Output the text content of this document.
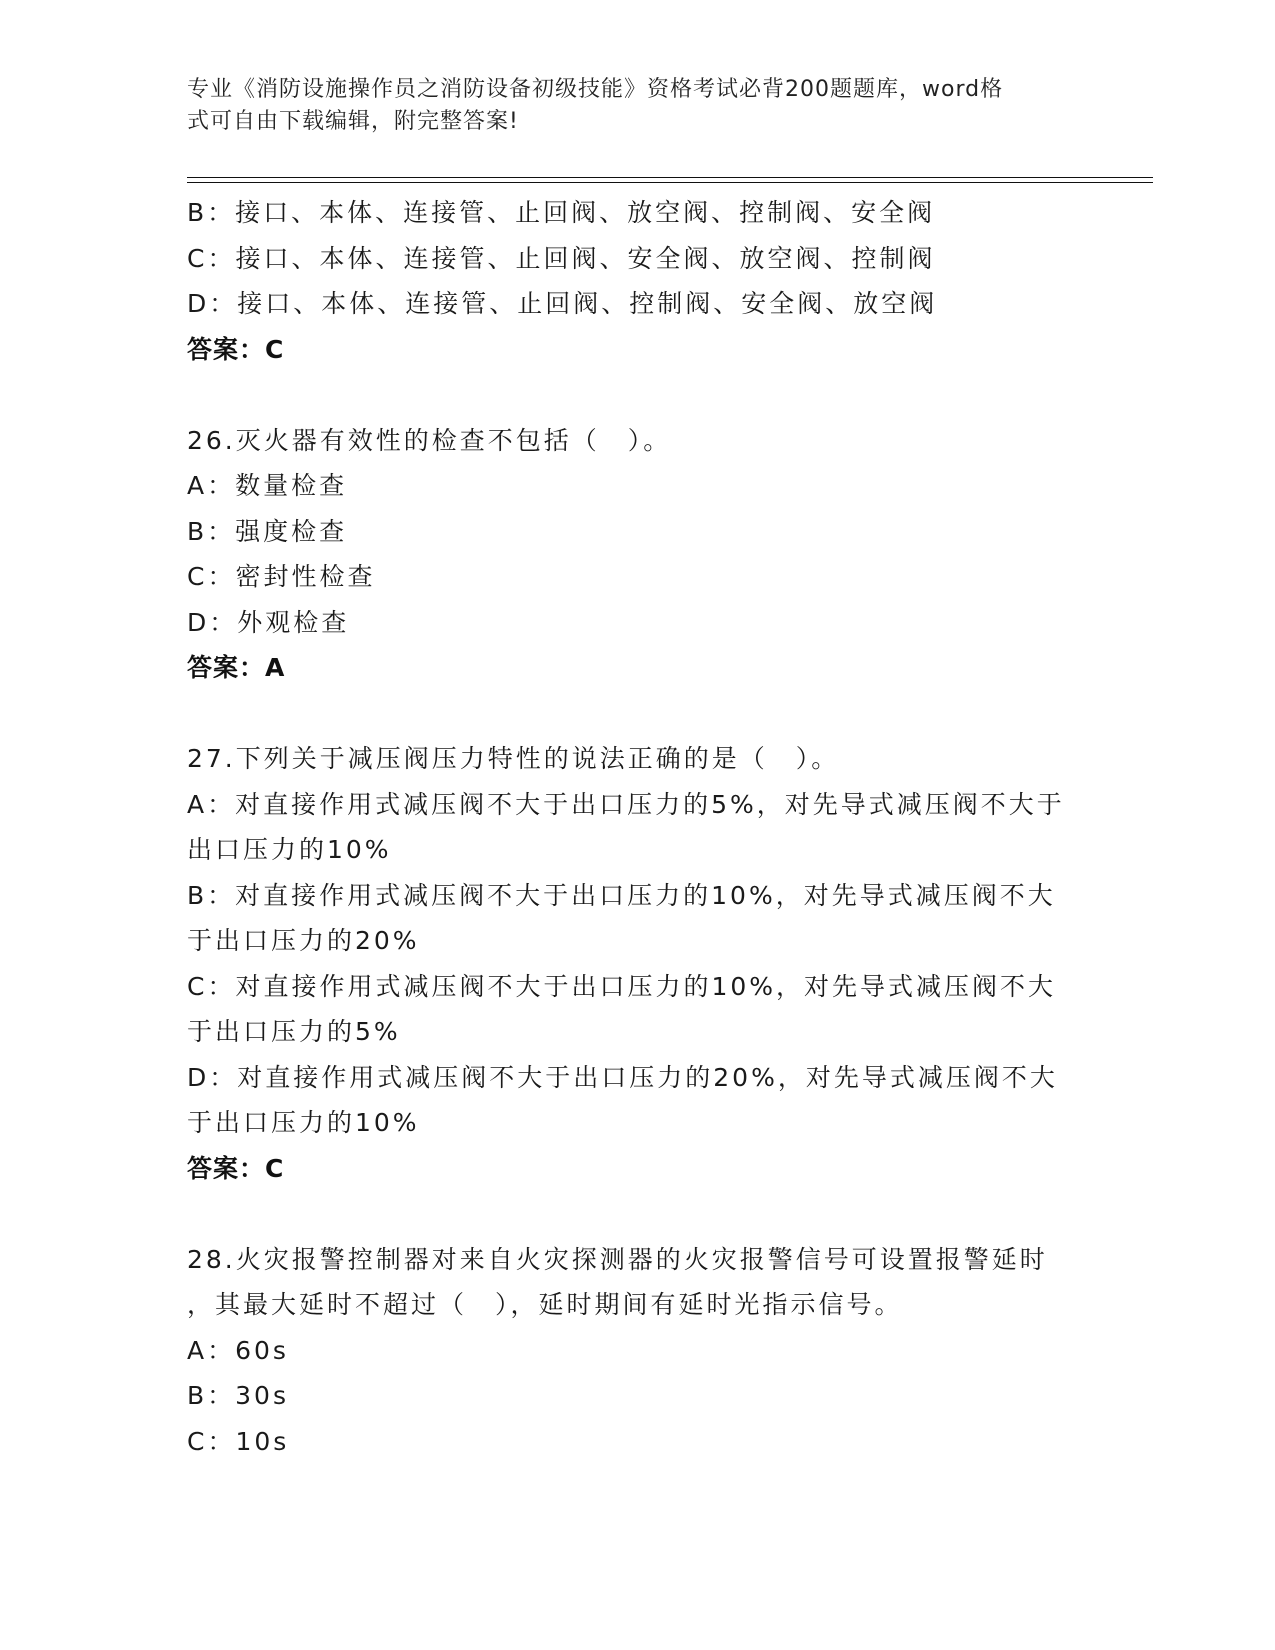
专业《消防设施操作员之消防设备初级技能》资格考试必背200题题库，word格
式可自由下载编辑，附完整答案!
B：接口、本体、连接管、止回阀、放空阀、控制阀、安全阀
C：接口、本体、连接管、止回阀、安全阀、放空阀、控制阀
D：接口、本体、连接管、止回阀、控制阀、安全阀、放空阀
答案：C
26.灭火器有效性的检查不包括（　）。
A：数量检查
B：强度检查
C：密封性检查
D：外观检查
答案：A
27.下列关于减压阀压力特性的说法正确的是（　）。
A：对直接作用式减压阀不大于出口压力的5%，对先导式减压阀不大于
出口压力的10%
B：对直接作用式减压阀不大于出口压力的10%，对先导式减压阀不大
于出口压力的20%
C：对直接作用式减压阀不大于出口压力的10%，对先导式减压阀不大
于出口压力的5%
D：对直接作用式减压阀不大于出口压力的20%，对先导式减压阀不大
于出口压力的10%
答案：C
28.火灾报警控制器对来自火灾探测器的火灾报警信号可设置报警延时
，其最大延时不超过（　），延时期间有延时光指示信号。
A：60s
B：30s
C：10s
